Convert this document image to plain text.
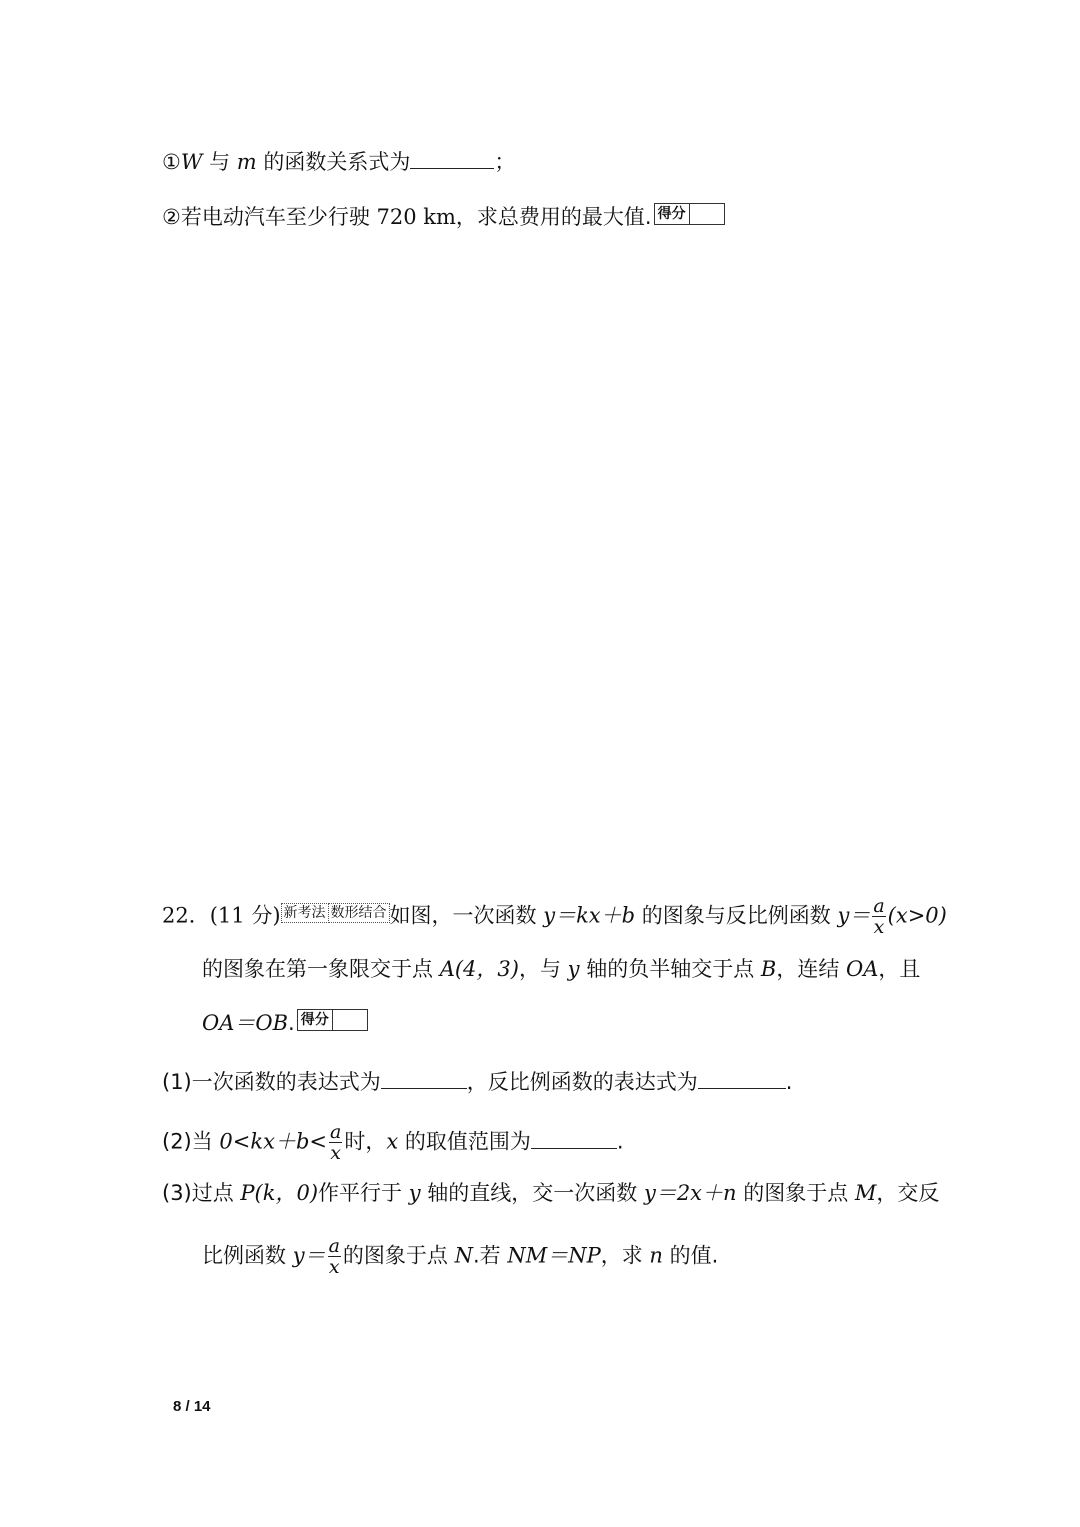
①W 与 m 的函数关系式为	；
②若电动汽车至少行驶 720 km，求总费用的最大值. 得分
22．(11 分) 新考法 数形结合 如图，一次函数 y＝kx＋b 的图象与反比例函数 $y= \frac{a}{x} (x>0)$
的图象在第一象限交于点 A(4，3)，与 y 轴的负半轴交于点 B，连结 OA，且
OA＝OB. 得分
(1)一次函数的表达式为	，反比例函数的表达式为	.
(2)当 $0<kx+b< \frac{a}{x}$ 时，x 的取值范围为	.
(3)过点 P(k，0)作平行于 y 轴的直线，交一次函数 y＝2x＋n 的图象于点 M，交反
比例函数 $y= \frac{a}{x}$ 的图象于点 N.若 NM＝NP，求 n 的值.
8 / 14
